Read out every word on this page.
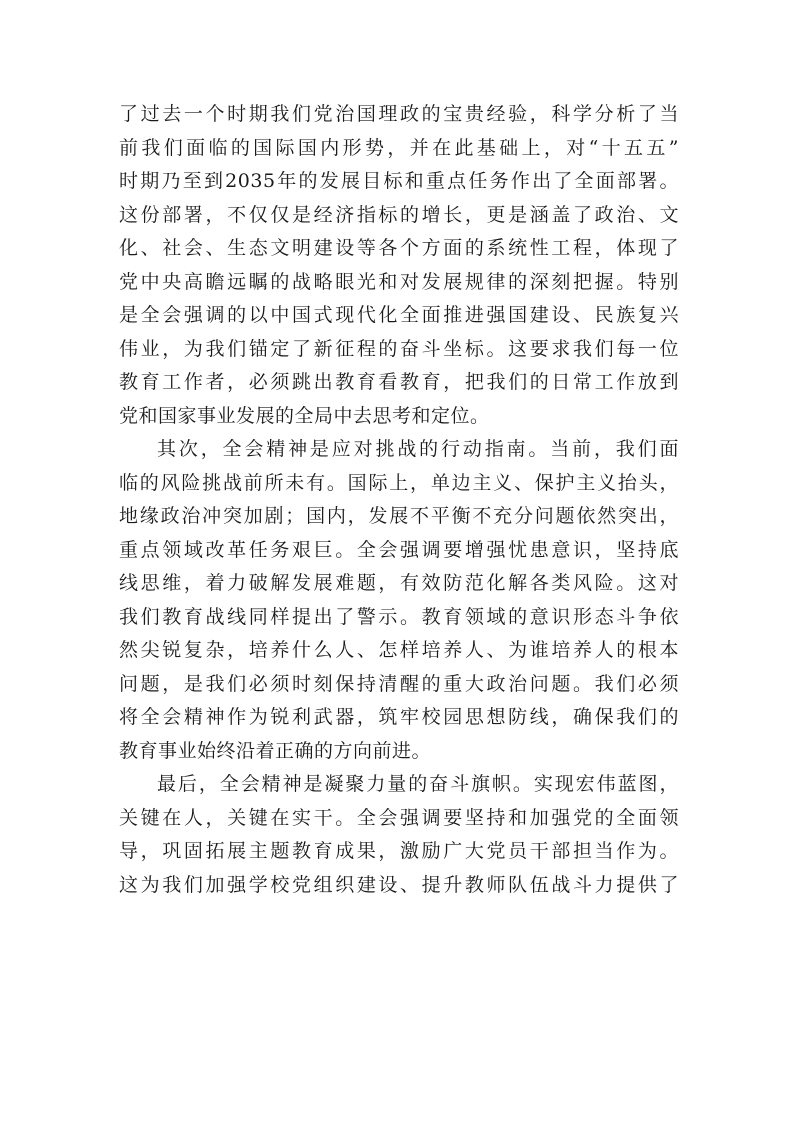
了过去一个时期我们党治国理政的宝贵经验，科学分析了当
前我们面临的国际国内形势，并在此基础上，对“十五五”
时期乃至到2035年的发展目标和重点任务作出了全面部署。
这份部署，不仅仅是经济指标的增长，更是涵盖了政治、文
化、社会、生态文明建设等各个方面的系统性工程，体现了
党中央高瞻远瞩的战略眼光和对发展规律的深刻把握。特别
是全会强调的以中国式现代化全面推进强国建设、民族复兴
伟业，为我们锚定了新征程的奋斗坐标。这要求我们每一位
教育工作者，必须跳出教育看教育，把我们的日常工作放到
党和国家事业发展的全局中去思考和定位。
其次，全会精神是应对挑战的行动指南。当前，我们面
临的风险挑战前所未有。国际上，单边主义、保护主义抬头，
地缘政治冲突加剧；国内，发展不平衡不充分问题依然突出，
重点领域改革任务艰巨。全会强调要增强忧患意识，坚持底
线思维，着力破解发展难题，有效防范化解各类风险。这对
我们教育战线同样提出了警示。教育领域的意识形态斗争依
然尖锐复杂，培养什么人、怎样培养人、为谁培养人的根本
问题，是我们必须时刻保持清醒的重大政治问题。我们必须
将全会精神作为锐利武器，筑牢校园思想防线，确保我们的
教育事业始终沿着正确的方向前进。
最后，全会精神是凝聚力量的奋斗旗帜。实现宏伟蓝图，
关键在人，关键在实干。全会强调要坚持和加强党的全面领
导，巩固拓展主题教育成果，激励广大党员干部担当作为。
这为我们加强学校党组织建设、提升教师队伍战斗力提供了
